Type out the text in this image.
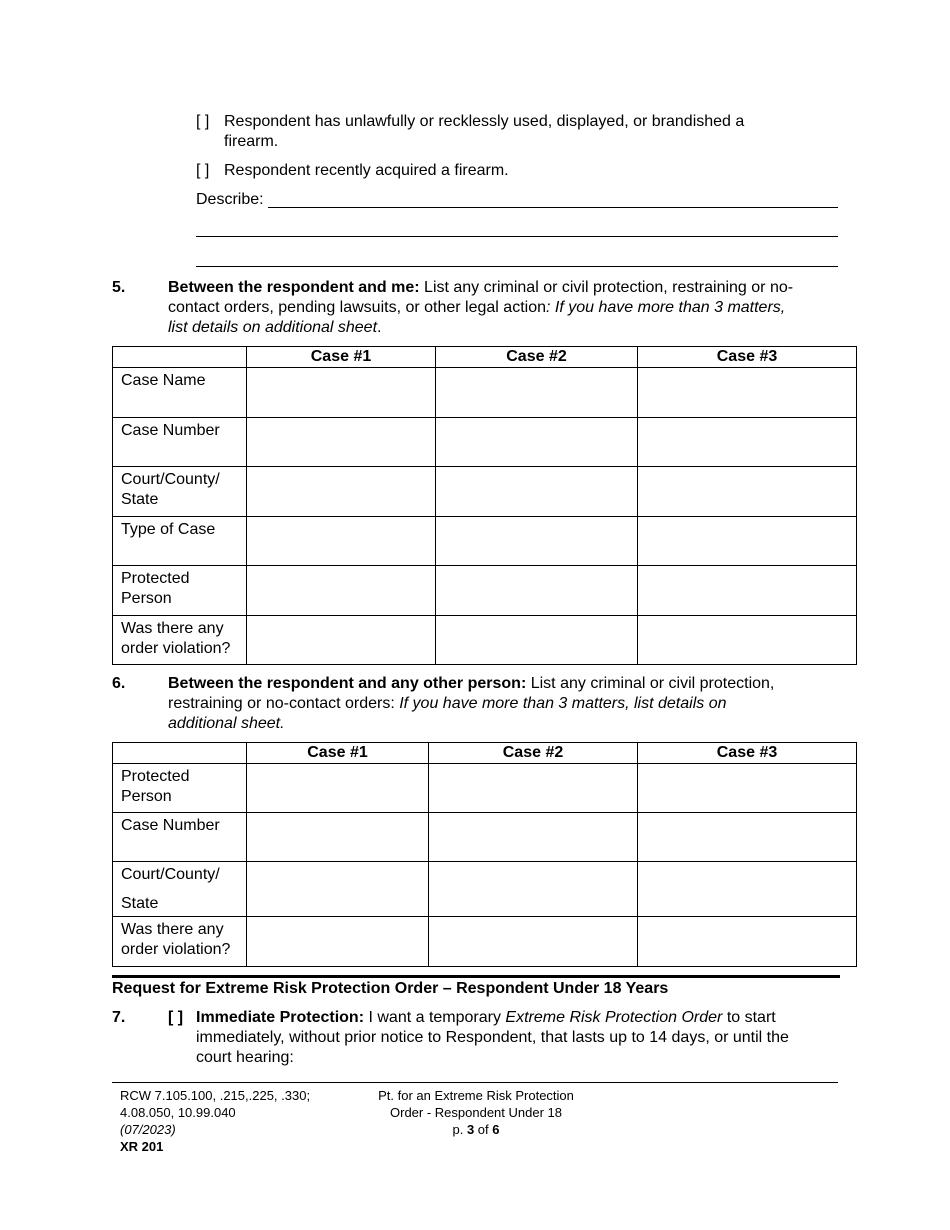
[ ] Respondent has unlawfully or recklessly used, displayed, or brandished a
firearm.
[ ] Respondent recently acquired a firearm.
Describe:
5.	Between the respondent and me: List any criminal or civil protection, restraining or no-
contact orders, pending lawsuits, or other legal action: If you have more than 3 matters,
list details on additional sheet.
	Case #1	Case #2	Case #3
Case Name			
Case Number			
Court/County/ State			
Type of Case			
Protected Person			
Was there any order violation?			
6.	Between the respondent and any other person: List any criminal or civil protection,
restraining or no-contact orders: If you have more than 3 matters, list details on
additional sheet.
	Case #1	Case #2	Case #3
Protected Person			
Case Number			

Court/County/
State			

Was there any order violation?			
Request for Extreme Risk Protection Order – Respondent Under 18 Years
7.	[ ] Immediate Protection: I want a temporary Extreme Risk Protection Order to start
immediately, without prior notice to Respondent, that lasts up to 14 days, or until the
court hearing:
RCW 7.105.100, .215,.225, .330;
4.08.050, 10.99.040
(07/2023)
XR 201
Pt. for an Extreme Risk Protection
Order - Respondent Under 18
p. 3 of 6
